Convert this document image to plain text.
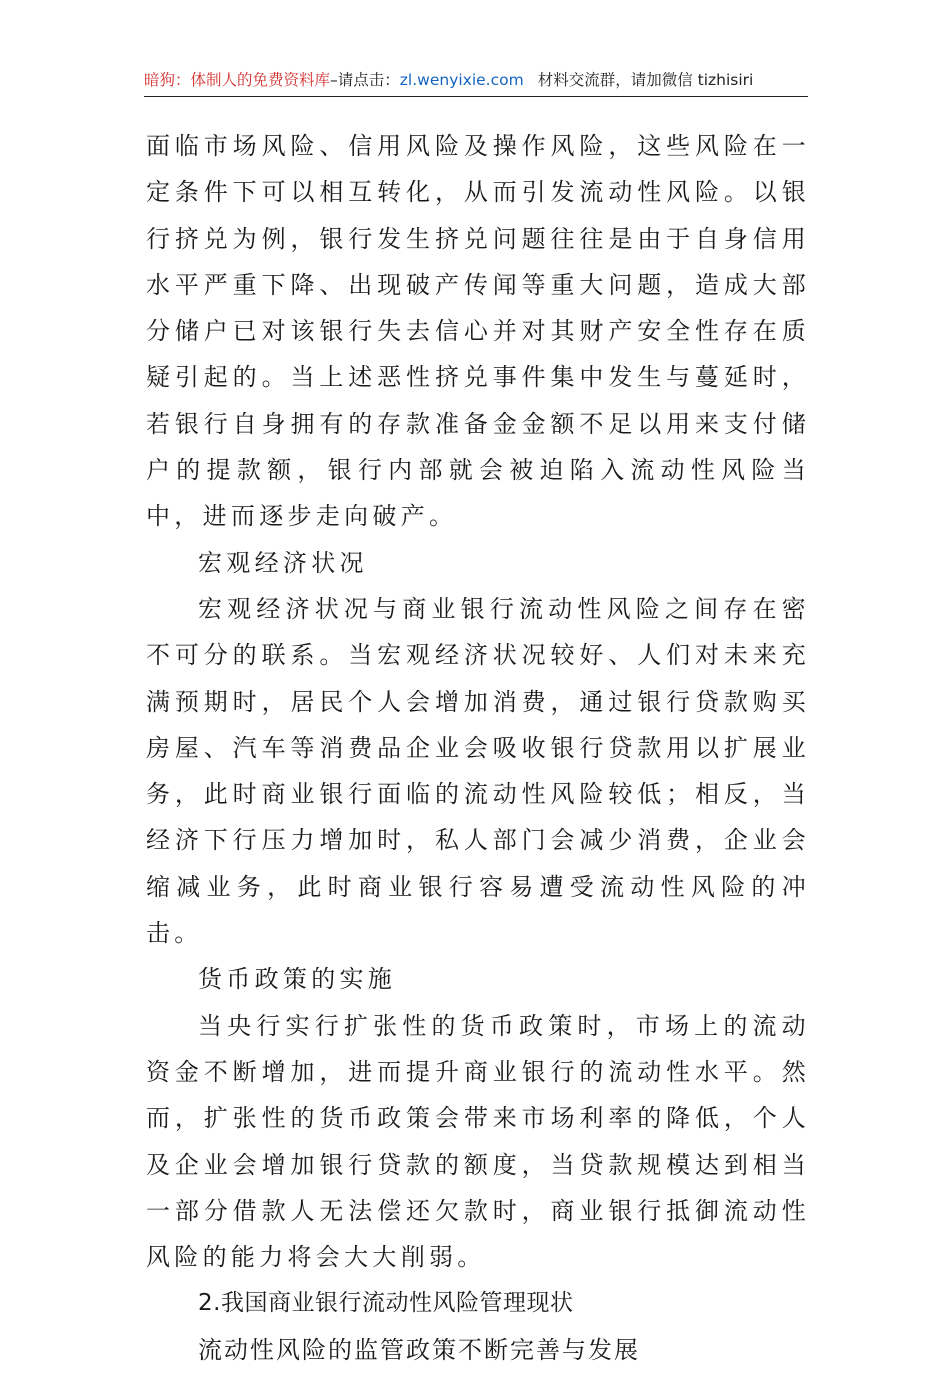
暗狗：体制人的免费资料库–请点击：zl.wenyixie.com 材料交流群，请加微信 tizhisiri

面临市场风险、信用风险及操作风险，这些风险在一定条件下可以相互转化，从而引发流动性风险。以银行挤兑为例，银行发生挤兑问题往往是由于自身信用水平严重下降、出现破产传闻等重大问题，造成大部分储户已对该银行失去信心并对其财产安全性存在质疑引起的。当上述恶性挤兑事件集中发生与蔓延时，若银行自身拥有的存款准备金金额不足以用来支付储户的提款额，银行内部就会被迫陷入流动性风险当中，进而逐步走向破产。

宏观经济状况

宏观经济状况与商业银行流动性风险之间存在密不可分的联系。当宏观经济状况较好、人们对未来充满预期时，居民个人会增加消费，通过银行贷款购买房屋、汽车等消费品企业会吸收银行贷款用以扩展业务，此时商业银行面临的流动性风险较低；相反，当经济下行压力增加时，私人部门会减少消费，企业会缩减业务，此时商业银行容易遭受流动性风险的冲击。

货币政策的实施

当央行实行扩张性的货币政策时，市场上的流动资金不断增加，进而提升商业银行的流动性水平。然而，扩张性的货币政策会带来市场利率的降低，个人及企业会增加银行贷款的额度，当贷款规模达到相当一部分借款人无法偿还欠款时，商业银行抵御流动性风险的能力将会大大削弱。

2.我国商业银行流动性风险管理现状

流动性风险的监管政策不断完善与发展
